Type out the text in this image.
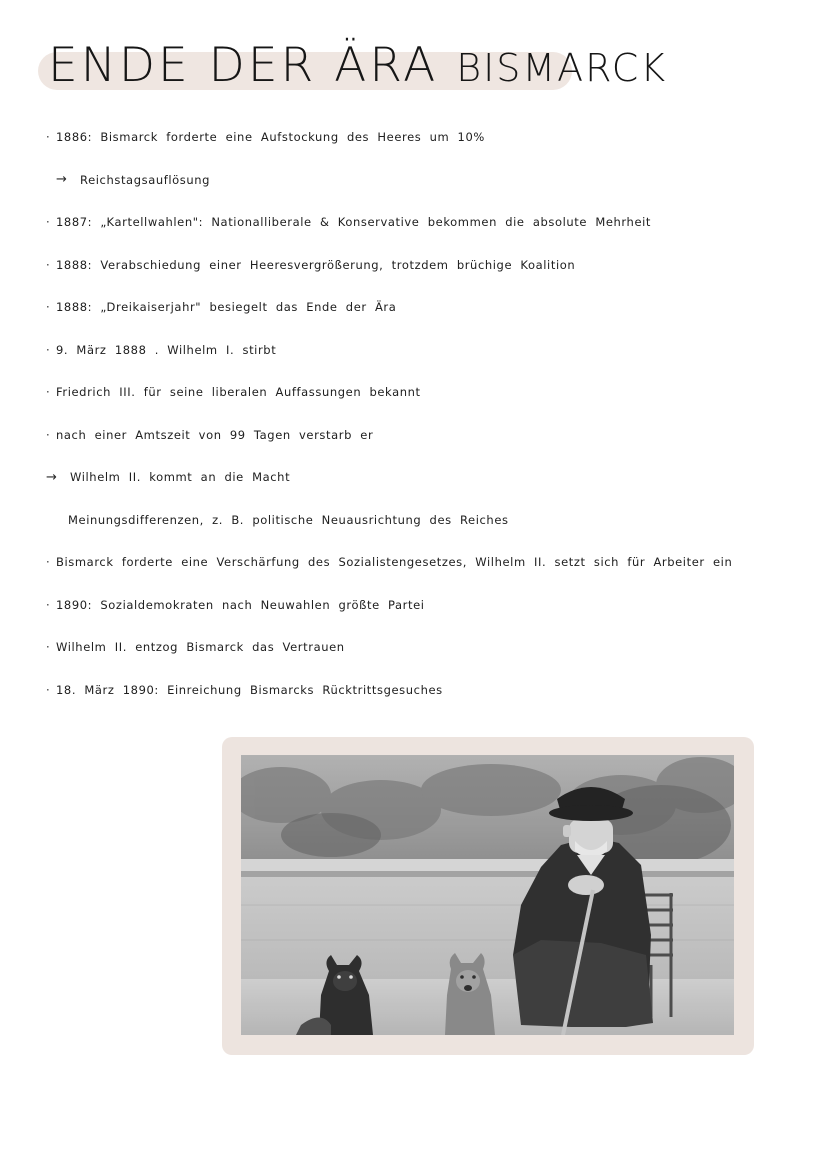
ENDE DER ÄRA BISMARCK
· 1886: Bismarck forderte eine Aufstockung des Heeres um 10%
→	Reichstagsauflösung
· 1887: „Kartellwahlen": Nationalliberale & Konservative bekommen die absolute Mehrheit
· 1888: Verabschiedung einer Heeresvergrößerung, trotzdem brüchige Koalition
· 1888: „Dreikaiserjahr" besiegelt das Ende der Ära
· 9. März 1888 . Wilhelm I. stirbt
· Friedrich III. für seine liberalen Auffassungen bekannt
· nach einer Amtszeit von 99 Tagen verstarb er
→	Wilhelm II. kommt an die Macht
Meinungsdifferenzen, z. B. politische Neuausrichtung des Reiches
· Bismarck forderte eine Verschärfung des Sozialistengesetzes, Wilhelm II. setzt sich für Arbeiter ein
· 1890: Sozialdemokraten nach Neuwahlen größte Partei
· Wilhelm II. entzog Bismarck das Vertrauen
· 18. März 1890: Einreichung Bismarcks Rücktrittsgesuches
